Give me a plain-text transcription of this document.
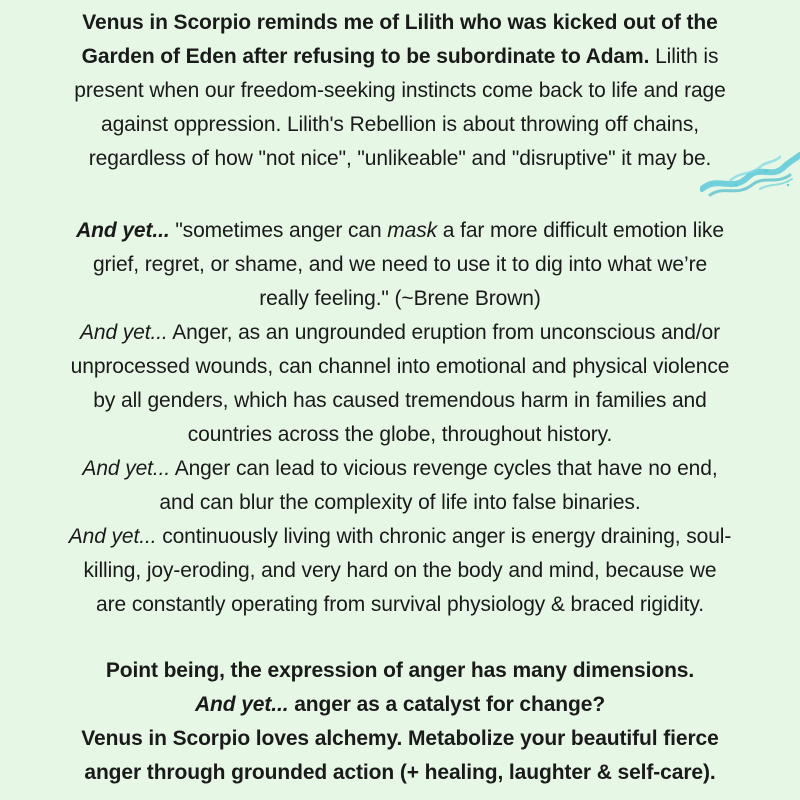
Venus in Scorpio reminds me of Lilith who was kicked out of the
Garden of Eden after refusing to be subordinate to Adam. Lilith is
present when our freedom-seeking instincts come back to life and rage
against oppression. Lilith's Rebellion is about throwing off chains,
regardless of how "not nice", "unlikeable" and "disruptive" it may be.
And yet... "sometimes anger can mask a far more difficult emotion like
grief, regret, or shame, and we need to use it to dig into what we’re
really feeling." (~Brene Brown)
And yet... Anger, as an ungrounded eruption from unconscious and/or
unprocessed wounds, can channel into emotional and physical violence
by all genders, which has caused tremendous harm in families and
countries across the globe, throughout history.
And yet... Anger can lead to vicious revenge cycles that have no end,
and can blur the complexity of life into false binaries.
And yet... continuously living with chronic anger is energy draining, soul-
killing, joy-eroding, and very hard on the body and mind, because we
are constantly operating from survival physiology & braced rigidity.
Point being, the expression of anger has many dimensions.
And yet... anger as a catalyst for change?
Venus in Scorpio loves alchemy. Metabolize your beautiful fierce
anger through grounded action (+ healing, laughter & self-care).
